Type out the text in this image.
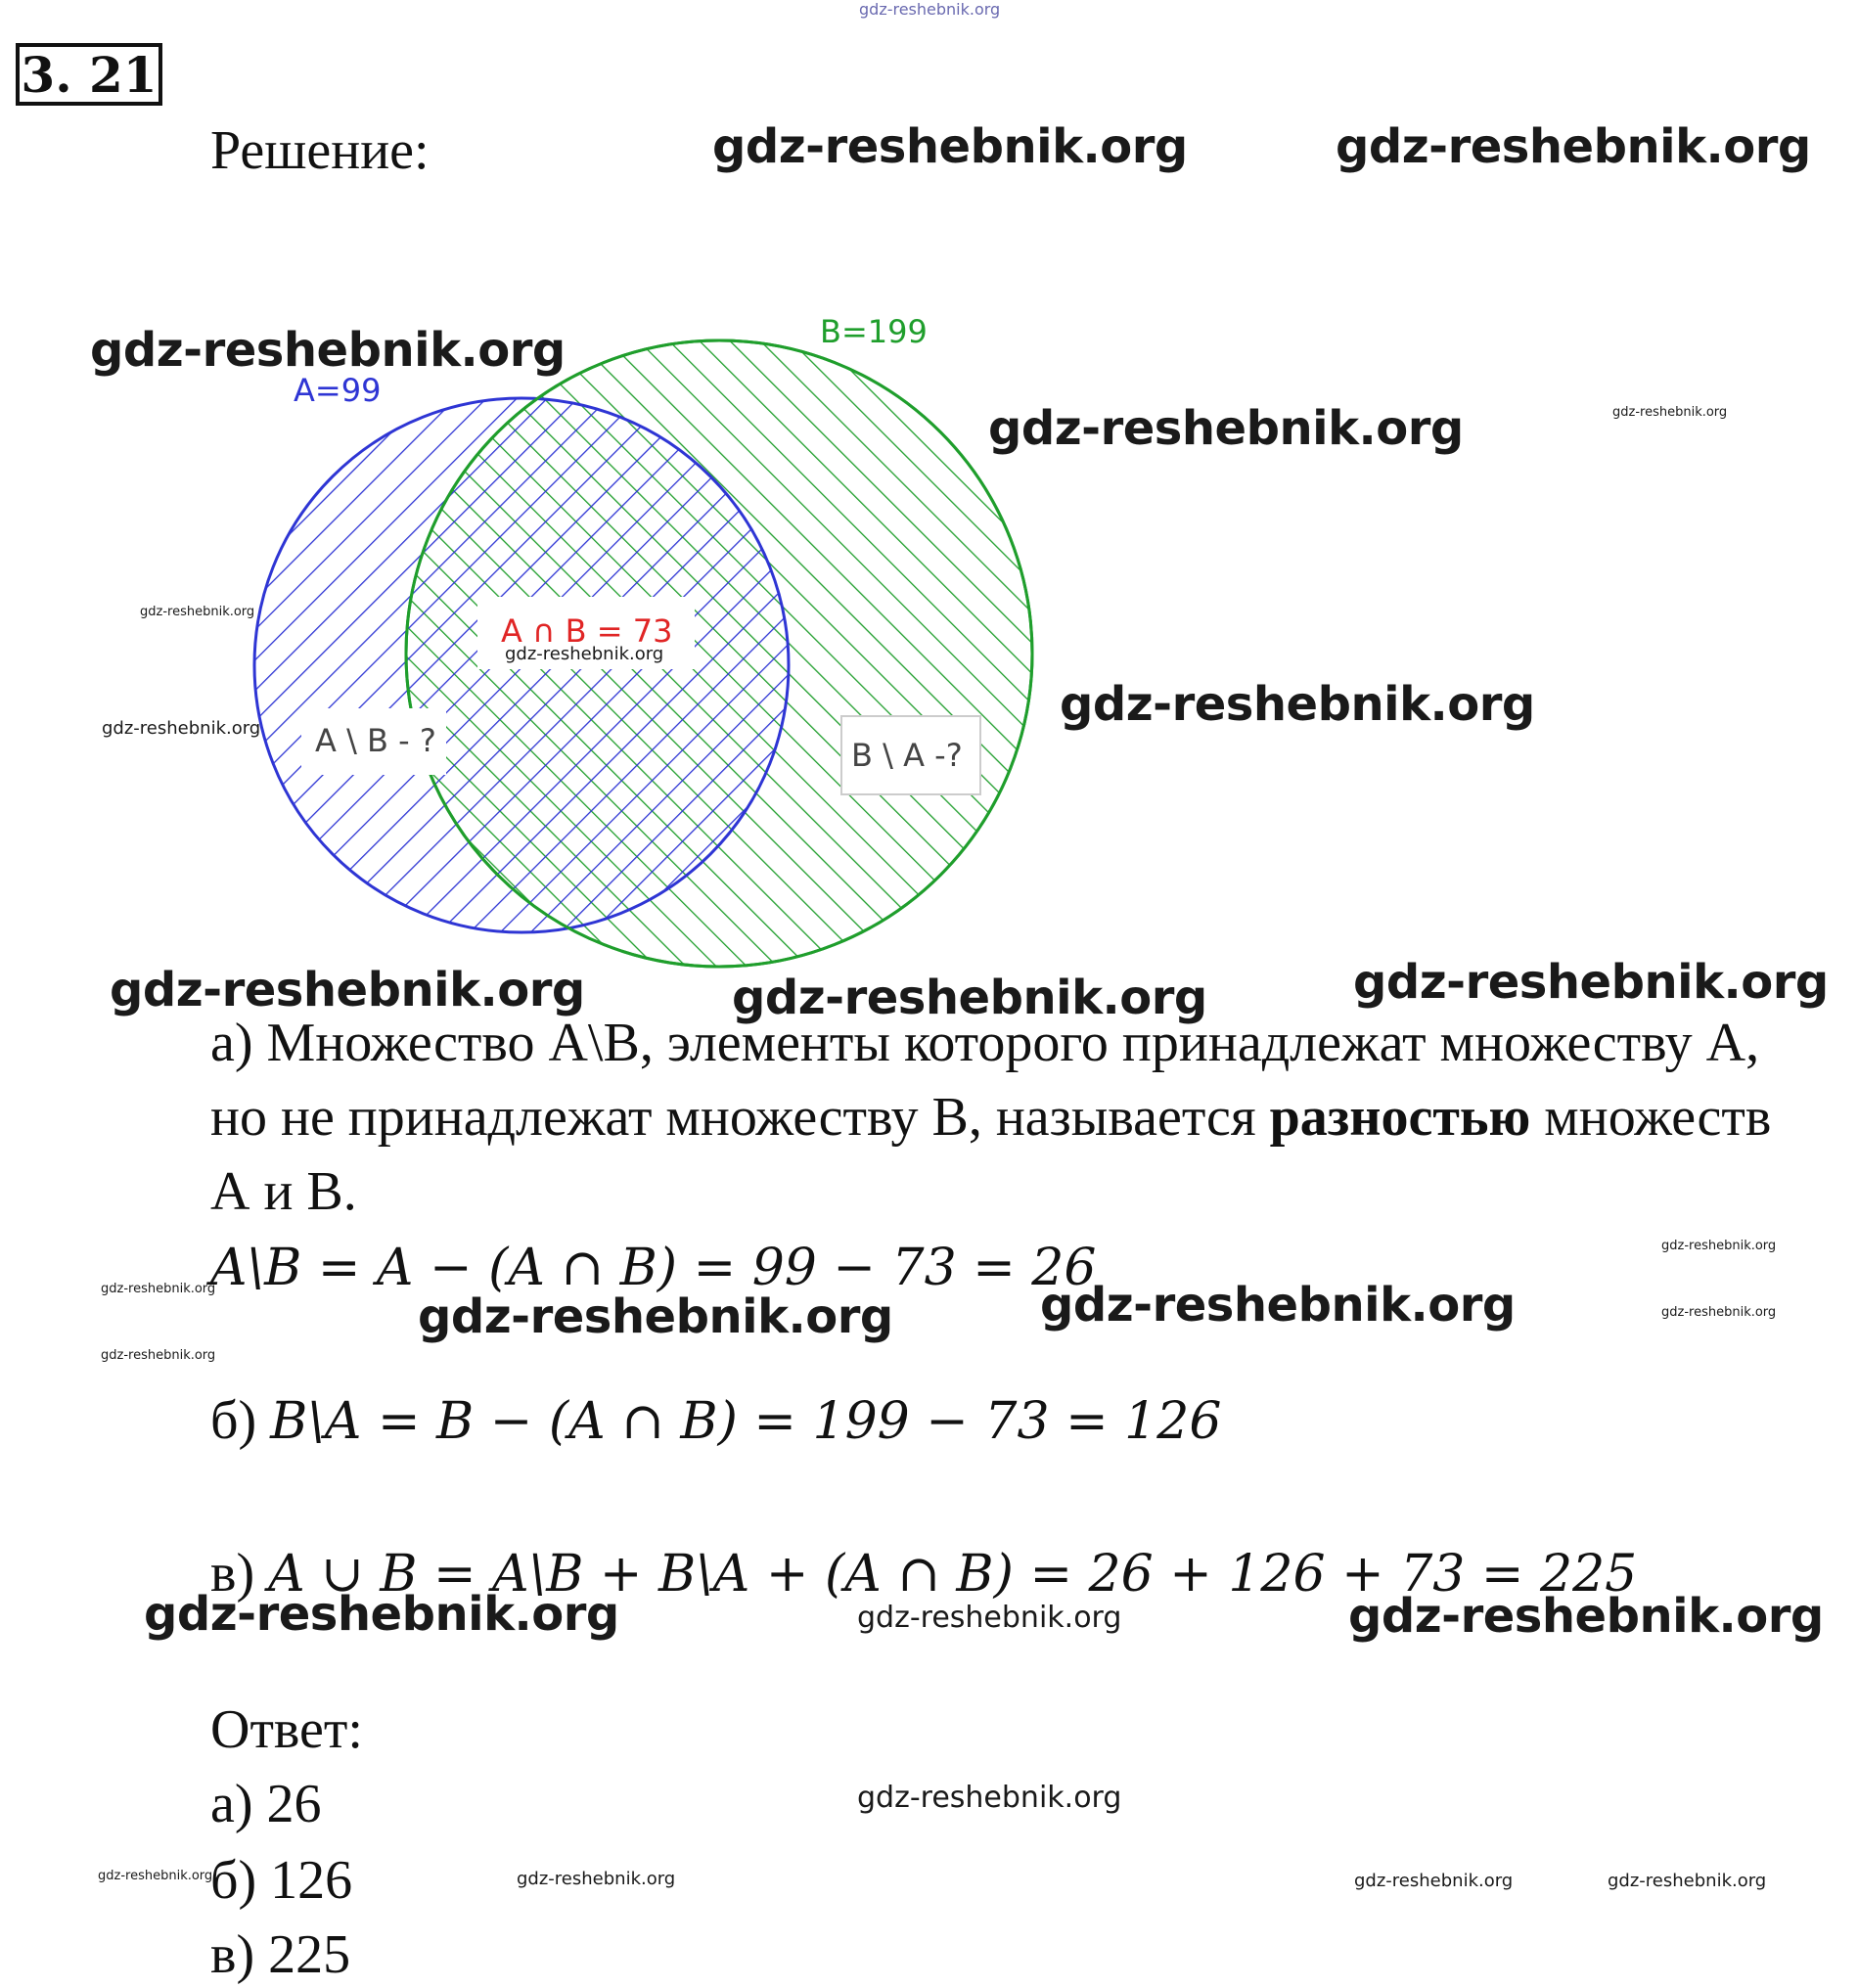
gdz-reshebnik.org
3. 21
Решение:	gdz-reshebnik.org	gdz-reshebnik.org
A=99
B=199
A ∩ B = 73
A \ B - ?	B \ A -?
gdz-reshebnik.org
gdz-reshebnik.org	gdz-reshebnik.org
gdz-reshebnik.org
gdz-reshebnik.org
gdz-reshebnik.org	gdz-reshebnik.org
gdz-reshebnik.org	gdz-reshebnik.org	gdz-reshebnik.org
а) Множество A\B, элементы которого принадлежат множеству А,
но не принадлежат множеству В, называется разностью множеств
А и В.
A\B = A − (A ∩ B) = 99 − 73 = 26	gdz-reshebnik.org
gdz-reshebnik.org
gdz-reshebnik.org	gdz-reshebnik.org	gdz-reshebnik.org
gdz-reshebnik.org
б) B\A = B − (A ∩ B) = 199 − 73 = 126
в) A ∪ B = A\B + B\A + (A ∩ B) = 26 + 126 + 73 = 225
gdz-reshebnik.org	gdz-reshebnik.org	gdz-reshebnik.org
Ответ:
а) 26	gdz-reshebnik.org
gdz-reshebnik.org
б) 126	gdz-reshebnik.org	gdz-reshebnik.org	gdz-reshebnik.org
в) 225
